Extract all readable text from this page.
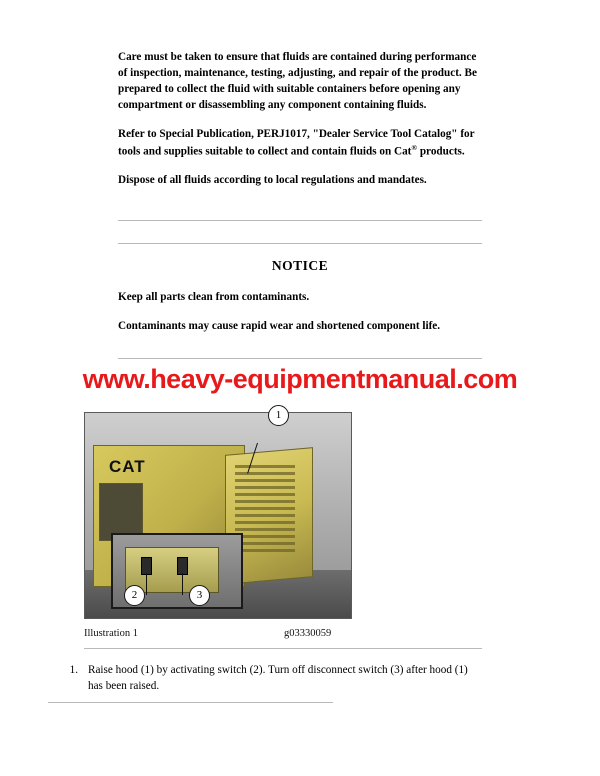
Care must be taken to ensure that fluids are contained during performance of inspection, maintenance, testing, adjusting, and repair of the product. Be prepared to collect the fluid with suitable containers before opening any compartment or disassembling any component containing fluids.

Refer to Special Publication, PERJ1017, "Dealer Service Tool Catalog" for tools and supplies suitable to collect and contain fluids on Cat® products.

Dispose of all fluids according to local regulations and mandates.

NOTICE

Keep all parts clean from contaminants.

Contaminants may cause rapid wear and shortened component life.

www.heavy-equipmentmanual.com
CAT
1
2	3
Illustration 1	g03330059
1. Raise hood (1) by activating switch (2). Turn off disconnect switch (3) after hood (1) has been raised.
